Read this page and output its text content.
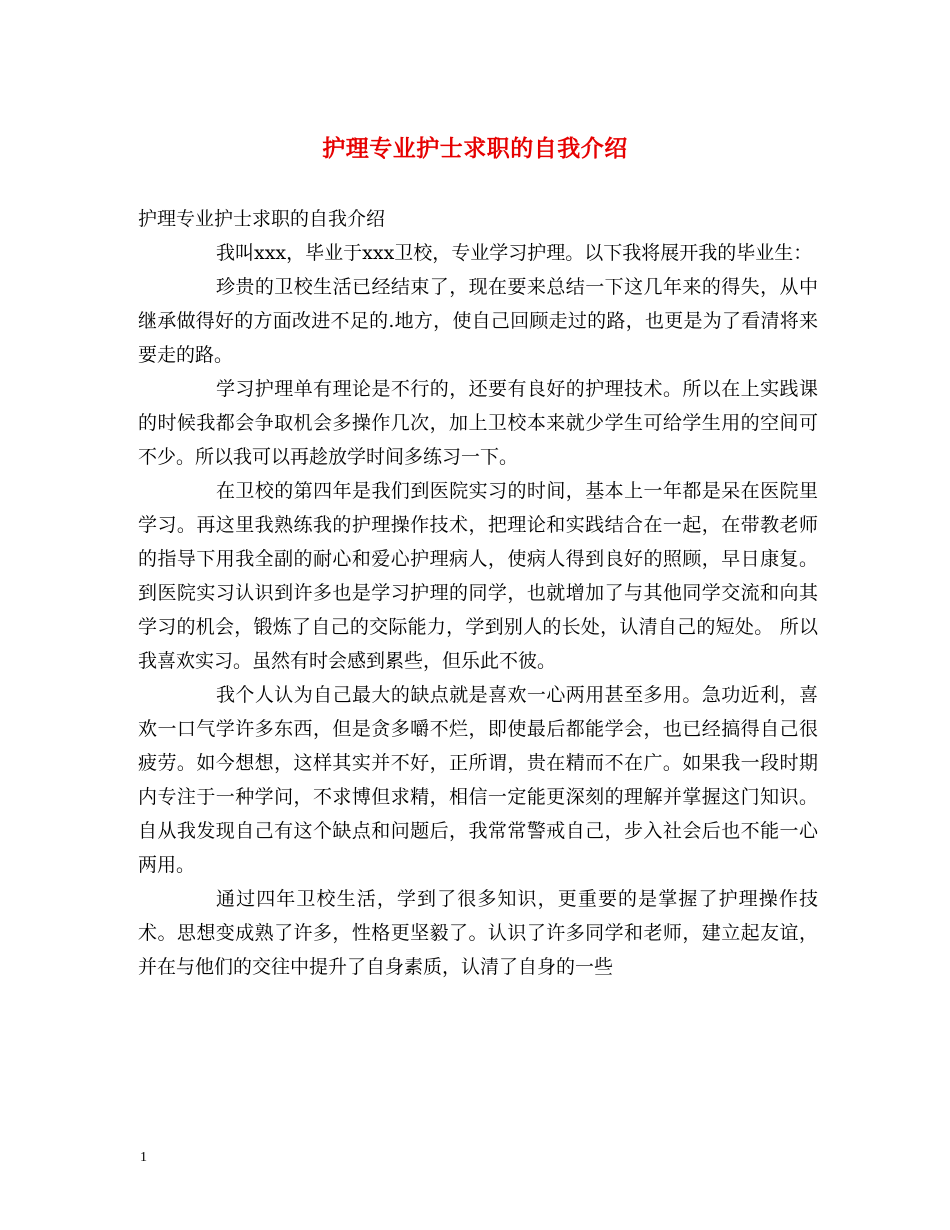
护理专业护士求职的自我介绍

护理专业护士求职的自我介绍

我叫xxx，毕业于xxx卫校，专业学习护理。以下我将展开我的毕业生：

珍贵的卫校生活已经结束了，现在要来总结一下这几年来的得失，从中继承做得好的方面改进不足的.地方，使自己回顾走过的路，也更是为了看清将来要走的路。

学习护理单有理论是不行的，还要有良好的护理技术。所以在上实践课的时候我都会争取机会多操作几次，加上卫校本来就少学生可给学生用的空间可不少。所以我可以再趁放学时间多练习一下。

在卫校的第四年是我们到医院实习的时间，基本上一年都是呆在医院里学习。再这里我熟练我的护理操作技术，把理论和实践结合在一起，在带教老师的指导下用我全副的耐心和爱心护理病人，使病人得到良好的照顾，早日康复。到医院实习认识到许多也是学习护理的同学，也就增加了与其他同学交流和向其学习的机会，锻炼了自己的交际能力，学到别人的长处，认清自己的短处。 所以我喜欢实习。虽然有时会感到累些，但乐此不彼。

我个人认为自己最大的缺点就是喜欢一心两用甚至多用。急功近利，喜欢一口气学许多东西，但是贪多嚼不烂，即使最后都能学会，也已经搞得自己很疲劳。如今想想，这样其实并不好，正所谓，贵在精而不在广。如果我一段时期内专注于一种学问，不求博但求精，相信一定能更深刻的理解并掌握这门知识。自从我发现自己有这个缺点和问题后，我常常警戒自己，步入社会后也不能一心两用。

通过四年卫校生活，学到了很多知识，更重要的是掌握了护理操作技术。思想变成熟了许多，性格更坚毅了。认识了许多同学和老师，建立起友谊，并在与他们的交往中提升了自身素质，认清了自身的一些

1
